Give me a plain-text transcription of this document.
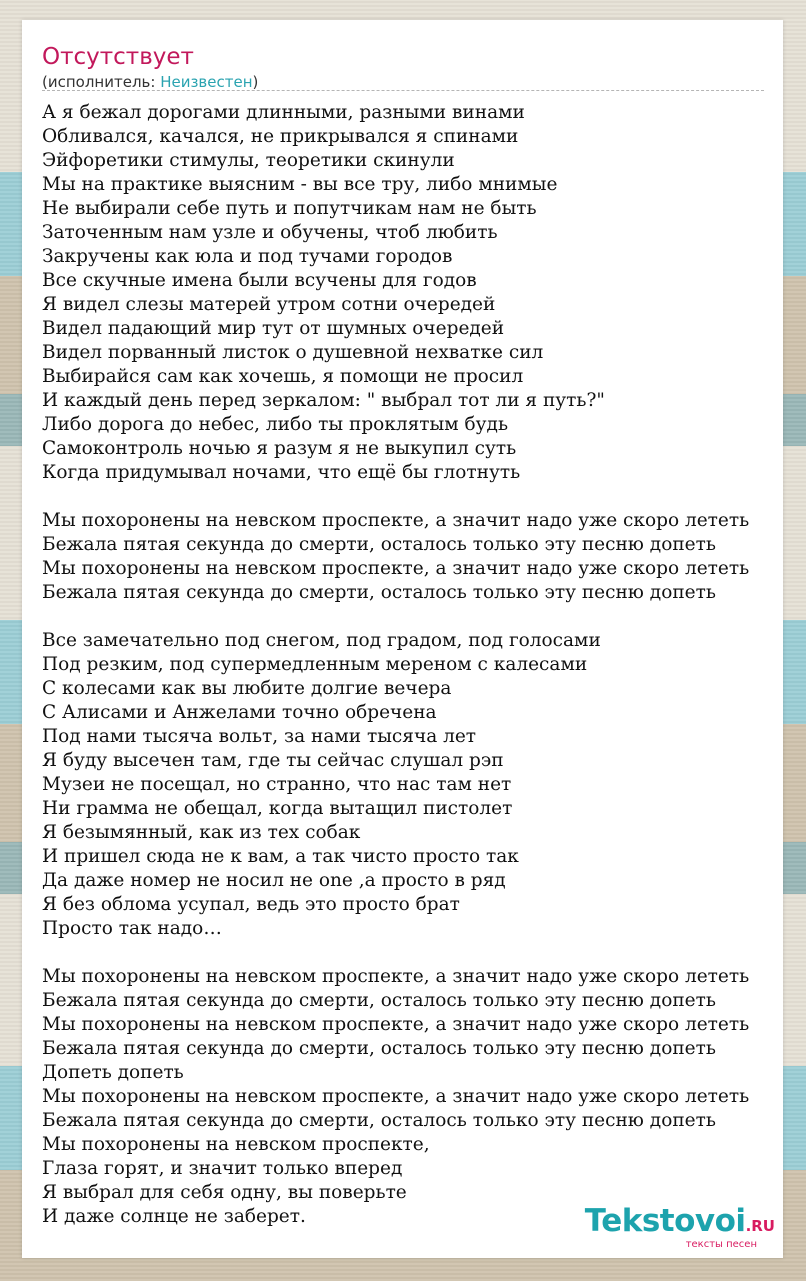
Отсутствует
(исполнитель: Неизвестен)
А я бежал дорогами длинными, разными винами
Обливался, качался, не прикрывался я спинами
Эйфоретики стимулы, теоретики скинули
Мы на практике выясним - вы все тру, либо мнимые
Не выбирали себе путь и попутчикам нам не быть
Заточенным нам узле и обучены, чтоб любить
Закручены как юла и под тучами городов
Все скучные имена были всучены для годов
Я видел слезы матерей утром сотни очередей
Видел падающий мир тут от шумных очередей
Видел порванный листок о душевной нехватке сил
Выбирайся сам как хочешь, я помощи не просил
И каждый день перед зеркалом: " выбрал тот ли я путь?"
Либо дорога до небес, либо ты проклятым будь
Самоконтроль ночью я разум я не выкупил суть
Когда придумывал ночами, что ещё бы глотнуть
Мы похоронены на невском проспекте, а значит надо уже скоро лететь
Бежала пятая секунда до смерти, осталось только эту песню допеть
Мы похоронены на невском проспекте, а значит надо уже скоро лететь
Бежала пятая секунда до смерти, осталось только эту песню допеть
Все замечательно под снегом, под градом, под голосами
Под резким, под супермедленным мереном с калесами
С колесами как вы любите долгие вечера
С Алисами и Анжелами точно обречена
Под нами тысяча вольт, за нами тысяча лет
Я буду высечен там, где ты сейчас слушал рэп
Музеи не посещал, но странно, что нас там нет
Ни грамма не обещал, когда вытащил пистолет
Я безымянный, как из тех собак
И пришел сюда не к вам, а так чисто просто так
Да даже номер не носил не one ,а просто в ряд
Я без облома усупал, ведь это просто брат
Просто так надо…
Мы похоронены на невском проспекте, а значит надо уже скоро лететь
Бежала пятая секунда до смерти, осталось только эту песню допеть
Мы похоронены на невском проспекте, а значит надо уже скоро лететь
Бежала пятая секунда до смерти, осталось только эту песню допеть
Допеть допеть
Мы похоронены на невском проспекте, а значит надо уже скоро лететь
Бежала пятая секунда до смерти, осталось только эту песню допеть
Мы похоронены на невском проспекте,
Глаза горят, и значит только вперед
Я выбрал для себя одну, вы поверьте
И даже солнце не заберет.	Tekstovoi.RU
тексты песен
